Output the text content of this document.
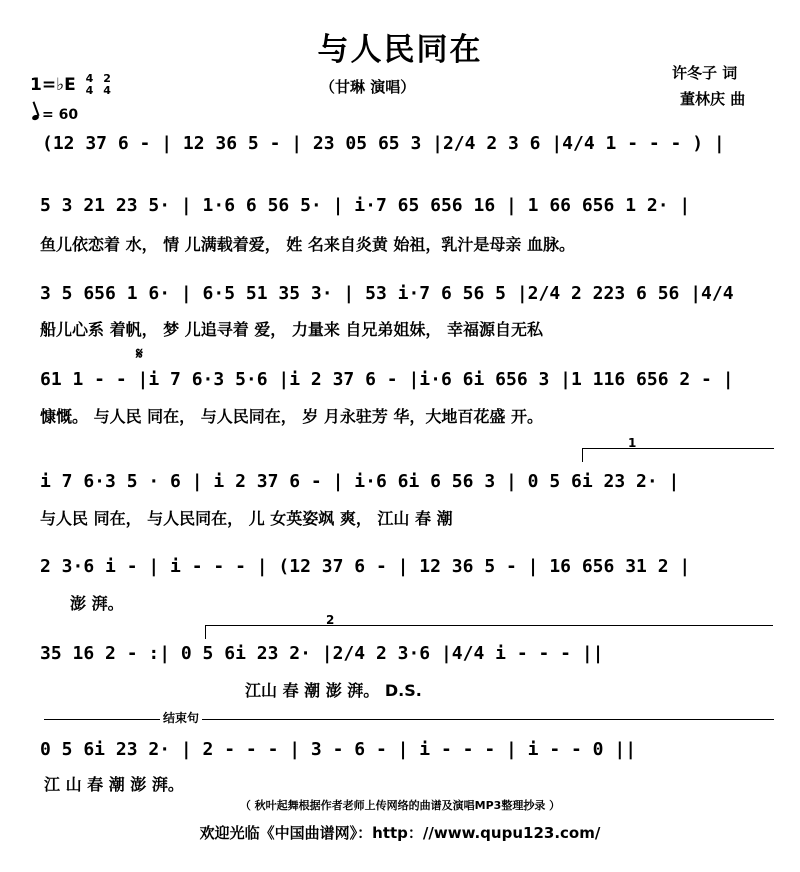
与人民同在
（甘琳 演唱）
许冬子 词
董林庆 曲
1=♭E 4
4

2
4
= 60
(12 37 6 - | 12 36 5 - | 23 05 65 3 |2/4 2 3 6 |4/4 1 - - - ) |
5 3 21 23 5· | 1·6 6 56 5· | i·7 65 656 16 | 1 66 656 1 2· |
鱼儿依恋着 水， 情 儿满载着爱， 姓 名来自炎黄 始祖，乳汁是母亲 血脉。
3 5 656 1 6· | 6·5 51 35 3· | 53 i·7 6 56 5 |2/4 2 223 6 56 |4/4
船儿心系 着帆， 梦 儿追寻着 爱， 力量来 自兄弟姐妹， 幸福源自无私
𝄋
61 1 - - |i 7 6·3 5·6 |i 2 37 6 - |i·6 6i 656 3 |1 116 656 2 - |
慷慨。 与人民 同在， 与人民同在， 岁 月永驻芳 华，大地百花盛 开。
1
i 7 6·3 5 · 6 | i 2 37 6 - | i·6 6i 6 56 3 | 0 5 6i 23 2· |
与人民 同在， 与人民同在， 儿 女英姿飒 爽， 江山 春 潮
2 3·6 i - | i - - - | (12 37 6 - | 12 36 5 - | 16 656 31 2 |
澎 湃。
2
35 16 2 - :| 0 5 6i 23 2· |2/4 2 3·6 |4/4 i - - - ||
江山 春 潮 澎 湃。 D.S.
结束句
0 5 6i 23 2· | 2 - - - | 3 - 6 - | i - - - | i - - 0 ||
江 山 春 潮 澎 湃。
（ 秋叶起舞根据作者老师上传网络的曲谱及演唱MP3整理抄录 ）
欢迎光临《中国曲谱网》：http：//www.qupu123.com/
